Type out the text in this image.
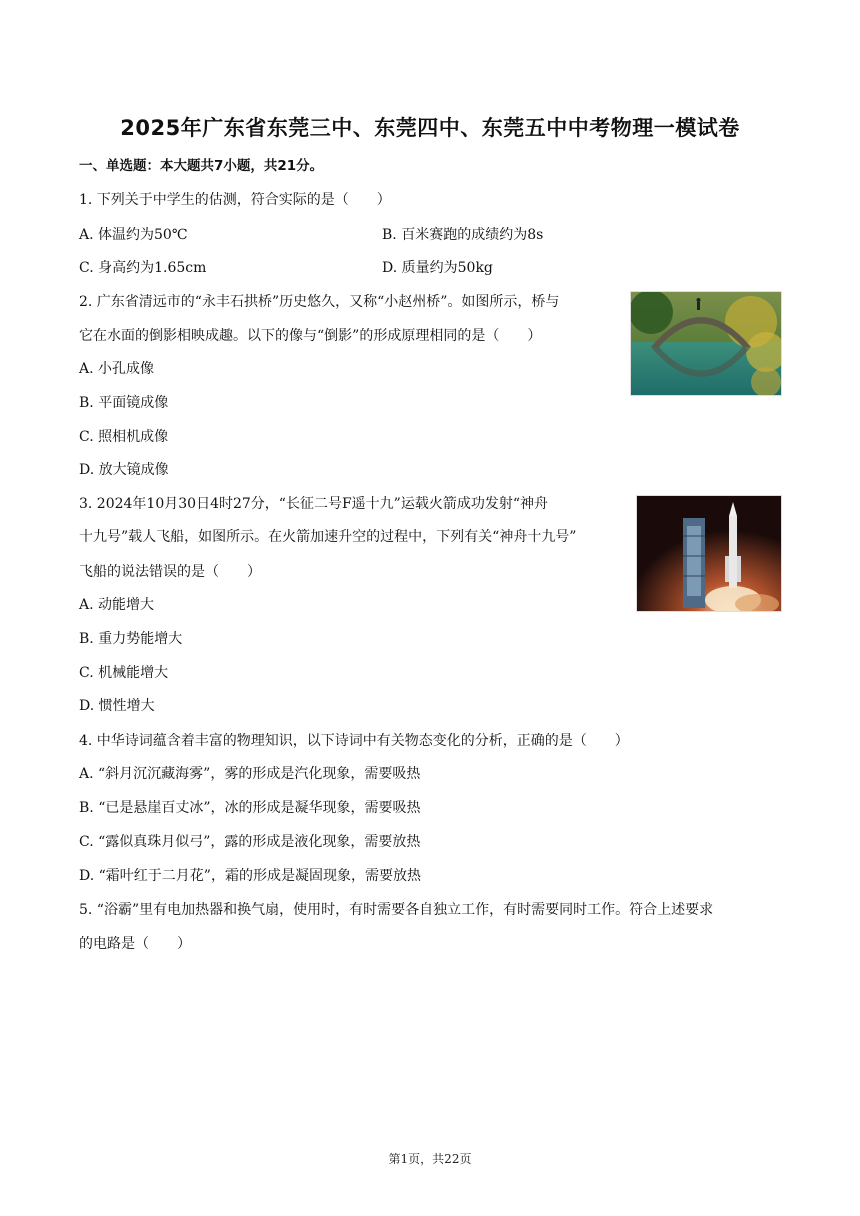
2025年广东省东莞三中、东莞四中、东莞五中中考物理一模试卷
一、单选题：本大题共7小题，共21分。
1. 下列关于中学生的估测，符合实际的是（　　）
A. 体温约为50℃	B. 百米赛跑的成绩约为8s
C. 身高约为1.65cm	D. 质量约为50kg
2. 广东省清远市的“永丰石拱桥”历史悠久，又称“小赵州桥”。如图所示，桥与
它在水面的倒影相映成趣。以下的像与“倒影”的形成原理相同的是（　　）
A. 小孔成像
B. 平面镜成像
C. 照相机成像
D. 放大镜成像
3. 2024年10月30日4时27分，“长征二号F遥十九”运载火箭成功发射“神舟
十九号”载人飞船，如图所示。在火箭加速升空的过程中，下列有关“神舟十九号”
飞船的说法错误的是（　　）
A. 动能增大
B. 重力势能增大
C. 机械能增大
D. 惯性增大
4. 中华诗词蕴含着丰富的物理知识，以下诗词中有关物态变化的分析，正确的是（　　）
A. “斜月沉沉藏海雾”，雾的形成是汽化现象，需要吸热
B. “已是悬崖百丈冰”，冰的形成是凝华现象，需要吸热
C. “露似真珠月似弓”，露的形成是液化现象，需要放热
D. “霜叶红于二月花”，霜的形成是凝固现象，需要放热
5. “浴霸”里有电加热器和换气扇，使用时，有时需要各自独立工作，有时需要同时工作。符合上述要求
的电路是（　　）
第1页，共22页
